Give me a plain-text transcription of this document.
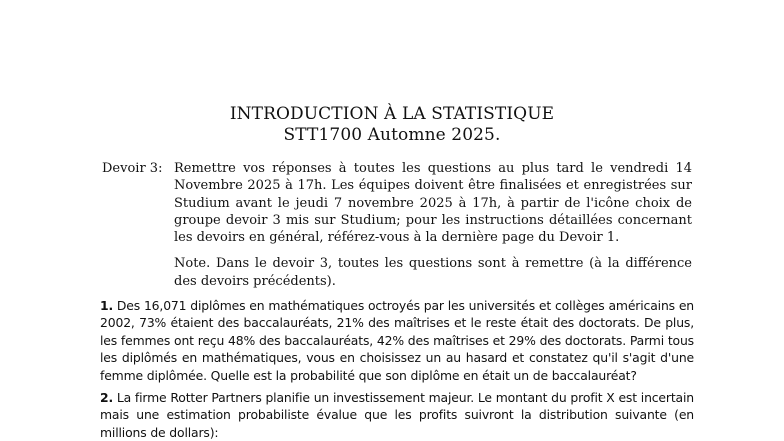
INTRODUCTION À LA STATISTIQUE
STT1700 Automne 2025.
Devoir 3: Remettre vos réponses à toutes les questions au plus tard le vendredi 14 Novembre 2025 à 17h. Les équipes doivent être finalisées et enregistrées sur Studium avant le jeudi 7 novembre 2025 à 17h, à partir de l'icône choix de groupe devoir 3 mis sur Studium; pour les instructions détaillées concernant les devoirs en général, référez-vous à la dernière page du Devoir 1.
Note. Dans le devoir 3, toutes les questions sont à remettre (à la différence des devoirs précédents).
1. Des 16,071 diplômes en mathématiques octroyés par les universités et collèges américains en 2002, 73% étaient des baccalauréats, 21% des maîtrises et le reste était des doctorats. De plus, les femmes ont reçu 48% des baccalauréats, 42% des maîtrises et 29% des doctorats. Parmi tous les diplômés en mathématiques, vous en choisissez un au hasard et constatez qu'il s'agit d'une femme diplômée. Quelle est la probabilité que son diplôme en était un de baccalauréat?
2. La firme Rotter Partners planifie un investissement majeur. Le montant du profit X est incertain mais une estimation probabiliste évalue que les profits suivront la distribution suivante (en millions de dollars):
